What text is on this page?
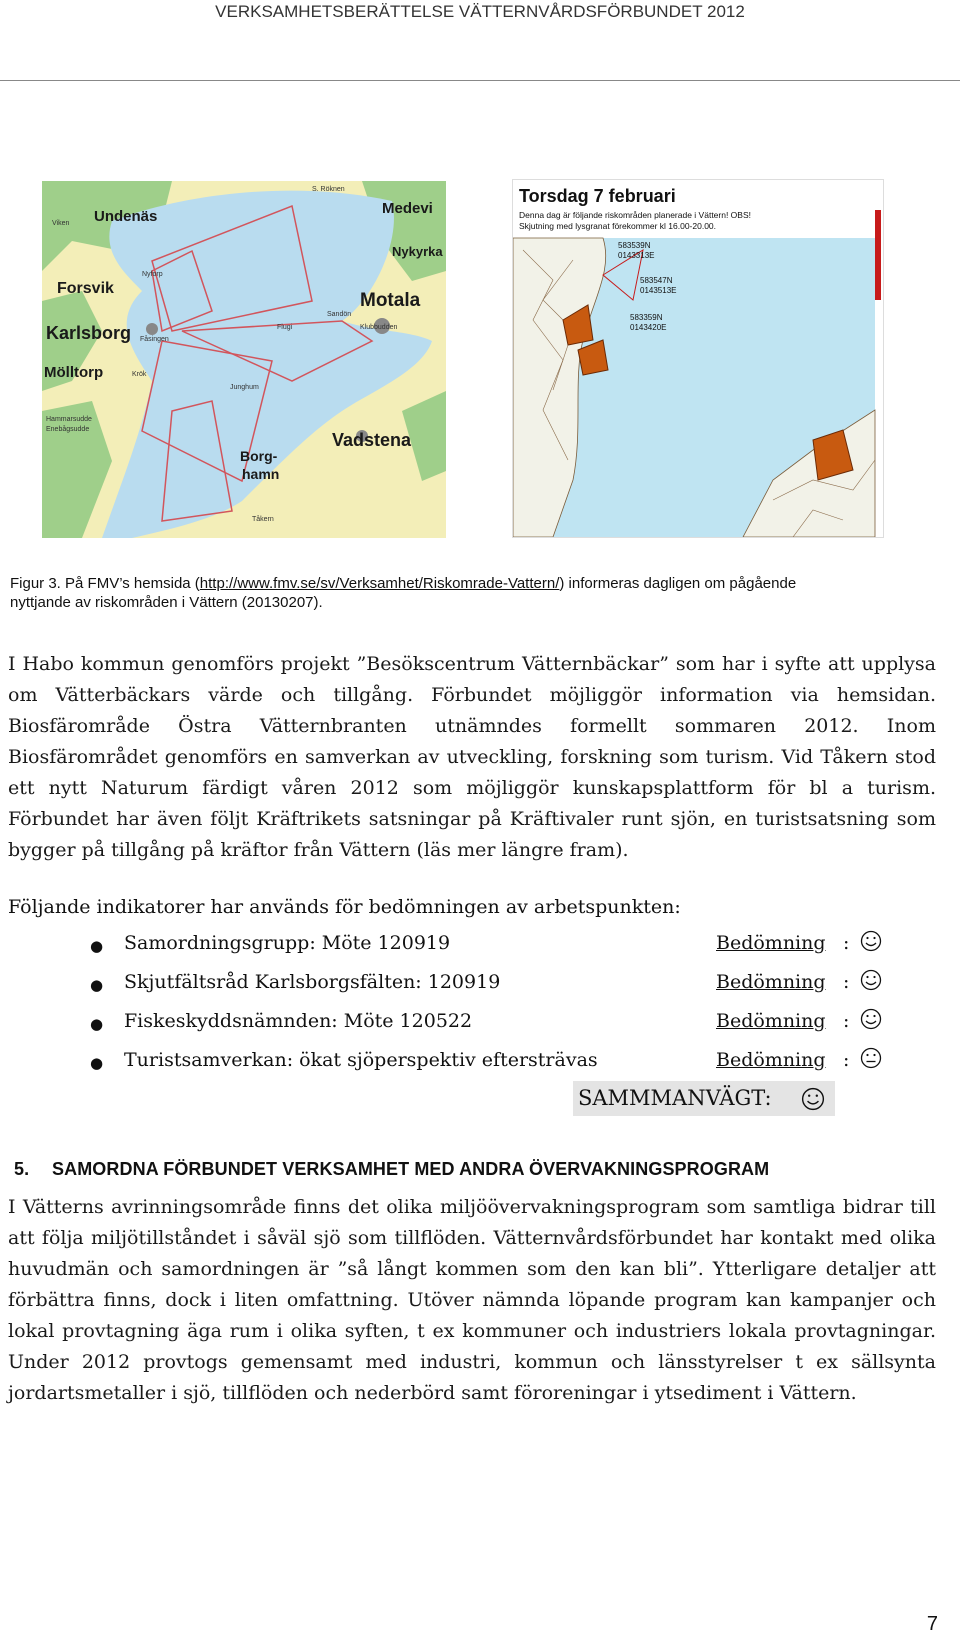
VERKSAMHETSBERÄTTELSE VÄTTERNVÅRDSFÖRBUNDET 2012
Undenäs	Medevi
Nykyrka
Forsvik
Motala
Karlsborg
Mölltorp
Vadstena
Borg-
hamn
Viken
S. Röknen
Sandön
Klubbudden
Flugi
Junghum
Nyforp
Krök
Fåsingen
Hammarsudde
Enebågsudde
Tåkern
Torsdag 7 februari
Denna dag är följande riskområden planerade i Vättern! OBS!
Skjutning med lysgranat förekommer kl 16.00-20.00.
583539N
0143313E
583547N
0143513E
583359N
0143420E
Figur 3. På FMV’s hemsida (http://www.fmv.se/sv/Verksamhet/Riskomrade-Vattern/) informeras dagligen om pågående
nyttjande av riskområden i Vättern (20130207).
I Habo kommun genomförs projekt ”Besökscentrum Vätternbäckar” som har i syfte att upplysa om Vätterbäckars värde och tillgång. Förbundet möjliggör information via hemsidan. Biosfärområde Östra Vätternbranten utnämndes formellt sommaren 2012. Inom Biosfärområdet genomförs en samverkan av utveckling, forskning som turism. Vid Tåkern stod ett nytt Naturum färdigt våren 2012 som möjliggör kunskapsplattform för bl a turism. Förbundet har även följt Kräftrikets satsningar på Kräftivaler runt sjön, en turistsatsning som bygger på tillgång på kräftor från Vättern (läs mer längre fram).
Följande indikatorer har används för bedömningen av arbetspunkten:
● Samordningsgrupp: Möte 120919	Bedömning :
● Skjutfältsråd Karlsborgsfälten: 120919	Bedömning :
● Fiskeskyddsnämnden: Möte 120522	Bedömning :
● Turistsamverkan: ökat sjöperspektiv eftersträvas	Bedömning :
SAMMMANVÄGT:
5. SAMORDNA FÖRBUNDET VERKSAMHET MED ANDRA ÖVERVAKNINGSPROGRAM
I Vätterns avrinningsområde finns det olika miljöövervakningsprogram som samtliga bidrar till att följa miljötillståndet i såväl sjö som tillflöden. Vätternvårdsförbundet har kontakt med olika huvudmän och samordningen är ”så långt kommen som den kan bli”. Ytterligare detaljer att förbättra finns, dock i liten omfattning. Utöver nämnda löpande program kan kampanjer och lokal provtagning äga rum i olika syften, t ex kommuner och industriers lokala provtagningar. Under 2012 provtogs gemensamt med industri, kommun och länsstyrelser t ex sällsynta jordartsmetaller i sjö, tillflöden och nederbörd samt föroreningar i ytsediment i Vättern.
7
